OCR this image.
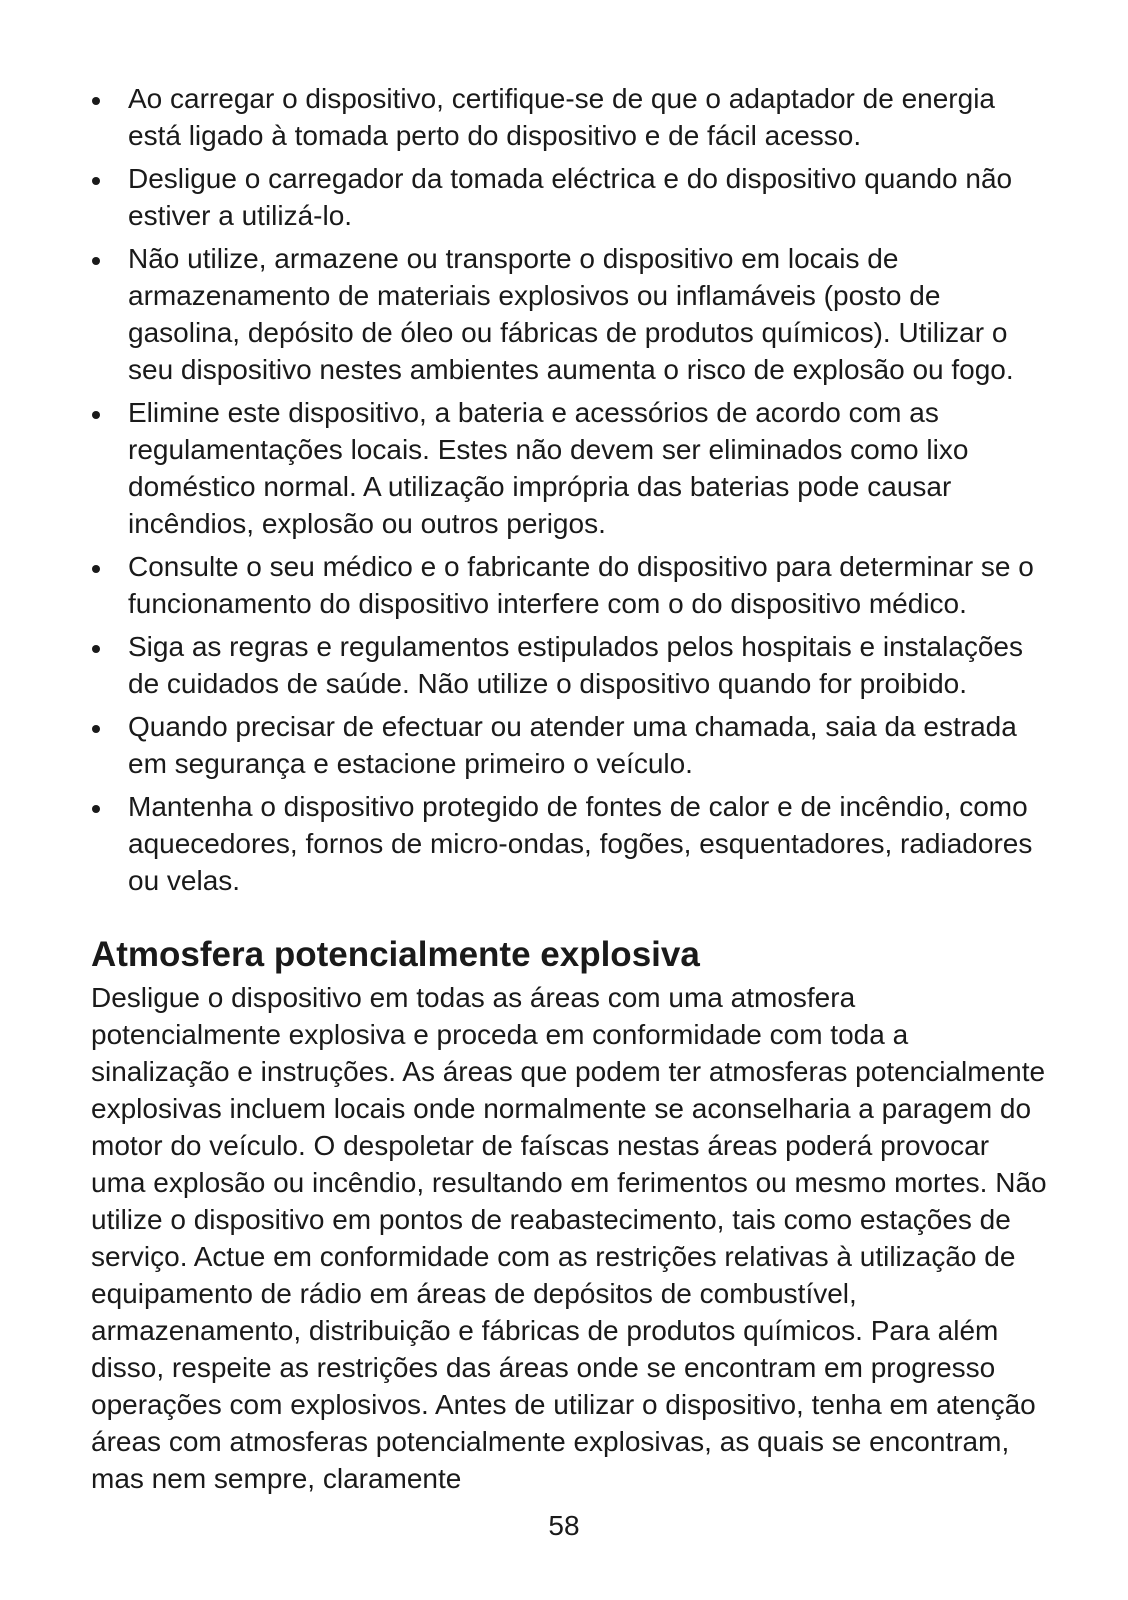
Ao carregar o dispositivo, certifique-se de que o adaptador de energia está ligado à tomada perto do dispositivo e de fácil acesso.
Desligue o carregador da tomada eléctrica e do dispositivo quando não estiver a utilizá-lo.
Não utilize, armazene ou transporte o dispositivo em locais de armazenamento de materiais explosivos ou inflamáveis (posto de gasolina, depósito de óleo ou fábricas de produtos químicos). Utilizar o seu dispositivo nestes ambientes aumenta o risco de explosão ou fogo.
Elimine este dispositivo, a bateria e acessórios de acordo com as regulamentações locais. Estes não devem ser eliminados como lixo doméstico normal. A utilização imprópria das baterias pode causar incêndios, explosão ou outros perigos.
Consulte o seu médico e o fabricante do dispositivo para determinar se o funcionamento do dispositivo interfere com o do dispositivo médico.
Siga as regras e regulamentos estipulados pelos hospitais e instalações de cuidados de saúde. Não utilize o dispositivo quando for proibido.
Quando precisar de efectuar ou atender uma chamada, saia da estrada em segurança e estacione primeiro o veículo.
Mantenha o dispositivo protegido de fontes de calor e de incêndio, como aquecedores, fornos de micro-ondas, fogões, esquentadores, radiadores ou velas.
Atmosfera potencialmente explosiva

Desligue o dispositivo em todas as áreas com uma atmosfera potencialmente explosiva e proceda em conformidade com toda a sinalização e instruções. As áreas que podem ter atmosferas potencialmente explosivas incluem locais onde normalmente se aconselharia a paragem do motor do veículo. O despoletar de faíscas nestas áreas poderá provocar uma explosão ou incêndio, resultando em ferimentos ou mesmo mortes. Não utilize o dispositivo em pontos de reabastecimento, tais como estações de serviço. Actue em conformidade com as restrições relativas à utilização de equipamento de rádio em áreas de depósitos de combustível, armazenamento, distribuição e fábricas de produtos químicos. Para além disso, respeite as restrições das áreas onde se encontram em progresso operações com explosivos. Antes de utilizar o dispositivo, tenha em atenção áreas com atmosferas potencialmente explosivas, as quais se encontram, mas nem sempre, claramente

58
